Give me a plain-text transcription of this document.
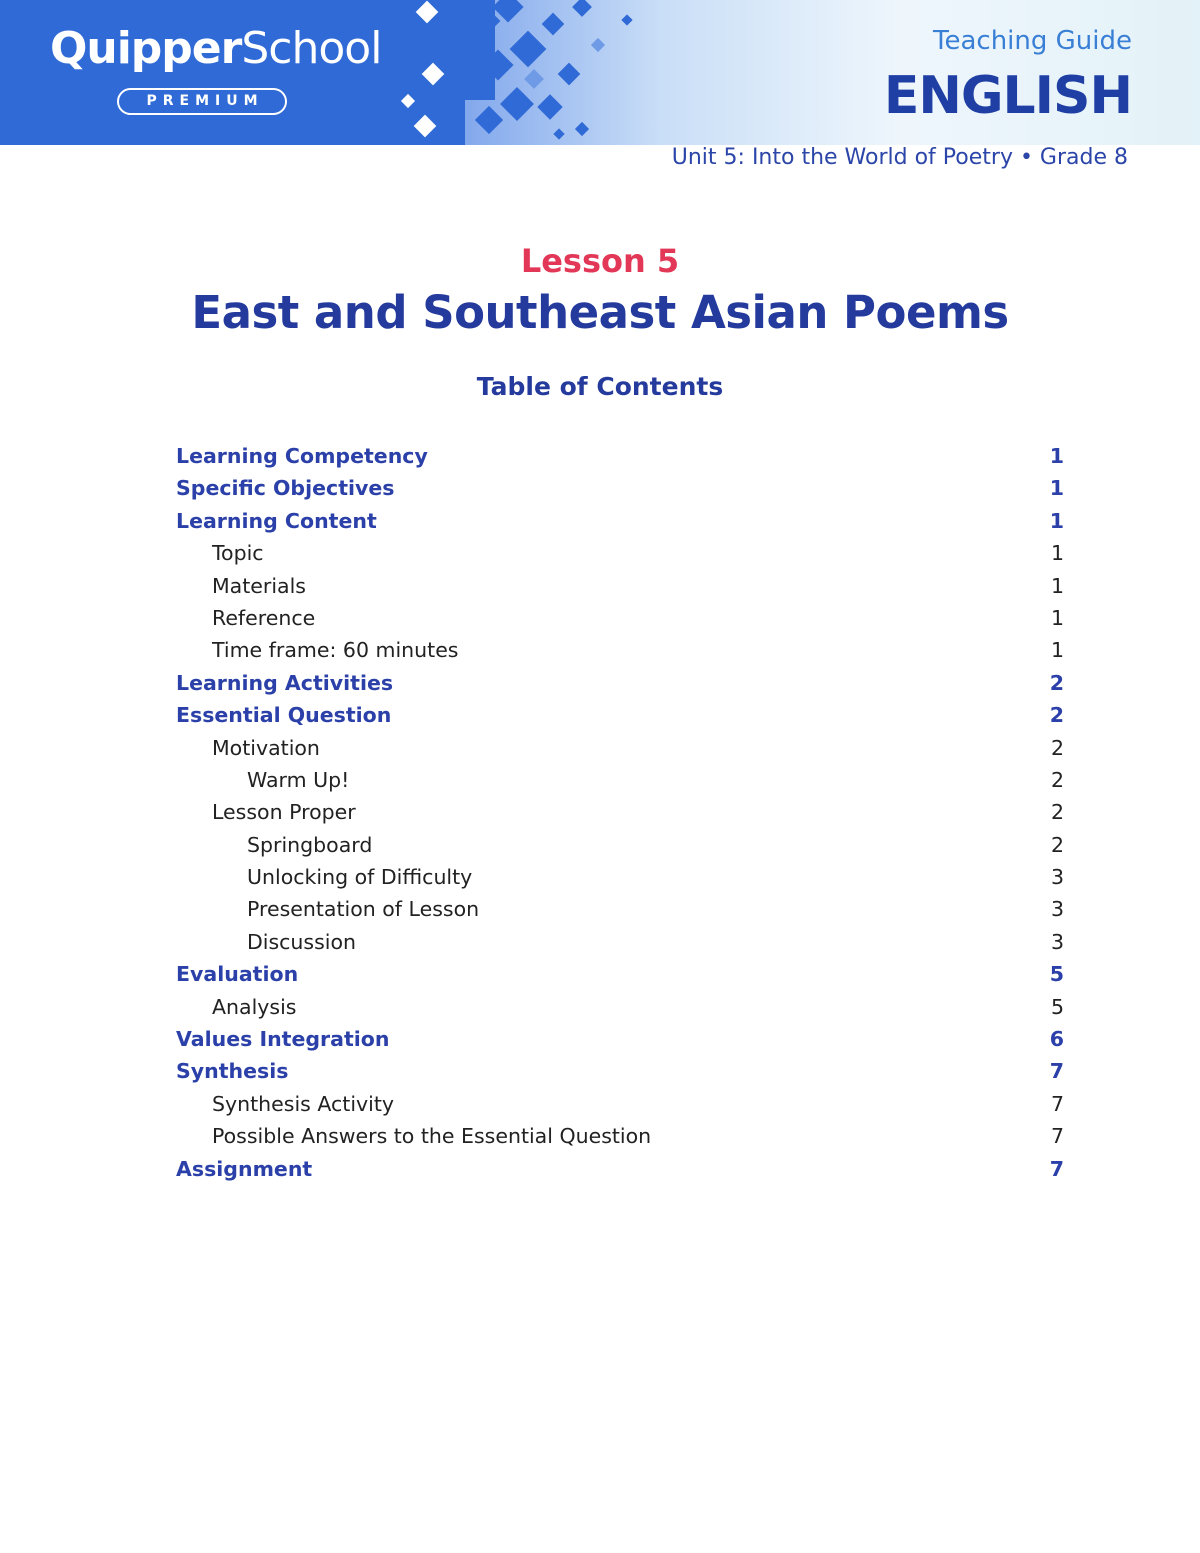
QuipperSchool
PREMIUM
Teaching Guide
ENGLISH
Unit 5: Into the World of Poetry • Grade 8
Lesson 5
East and Southeast Asian Poems
Table of Contents
Learning Competency	1
Specific Objectives	1
Learning Content	1
Topic	1
Materials	1
Reference	1
Time frame: 60 minutes	1
Learning Activities	2
Essential Question	2
Motivation	2
Warm Up!	2
Lesson Proper	2
Springboard	2
Unlocking of Difficulty	3
Presentation of Lesson	3
Discussion	3
Evaluation	5
Analysis	5
Values Integration	6
Synthesis	7
Synthesis Activity	7
Possible Answers to the Essential Question	7
Assignment	7
